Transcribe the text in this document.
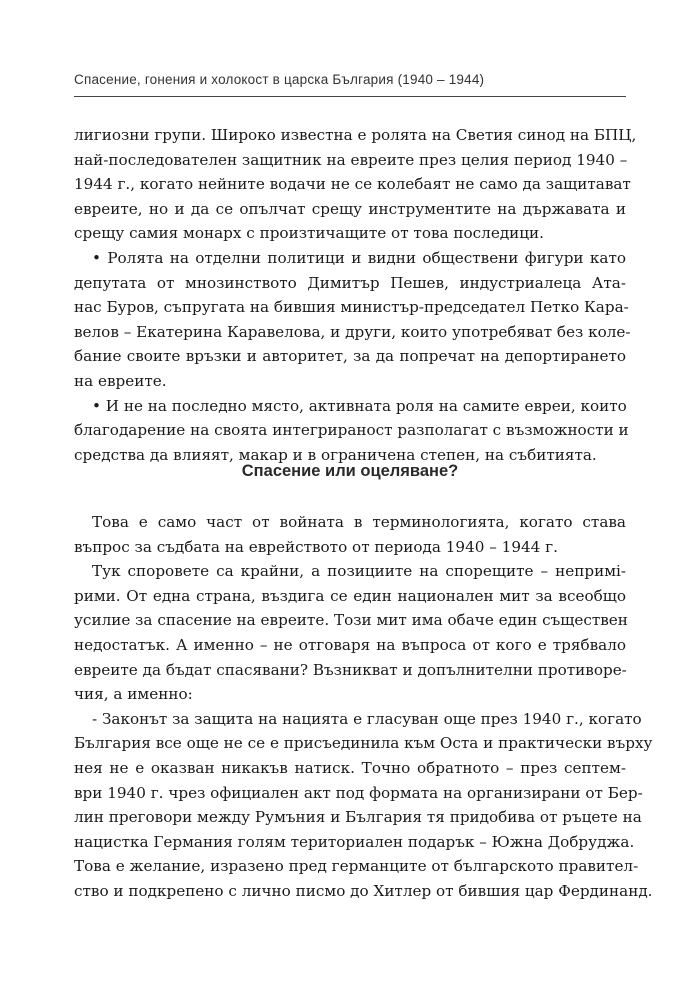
Спасение, гонения и холокост в царска България (1940 – 1944)
лигиозни групи. Широко известна е ролята на Светия синод на БПЦ,
най-последователен защитник на евреите през целия период 1940 –
1944 г., когато нейните водачи не се колебаят не само да защитават
евреите, но и да се опълчат срещу инструментите на държавата и
срещу самия монарх с произтичащите от това последици.
• Ролята на отделни политици и видни обществени фигури като
депутата от мнозинството Димитър Пешев, индустриалеца Ата-
нас Буров, съпругата на бившия министър-председател Петко Кара-
велов – Екатерина Каравелова, и други, които употребяват без коле-
бание своите връзки и авторитет, за да попречат на депортирането
на евреите.
• И не на последно място, активната роля на самите евреи, които
благодарение на своята интегрираност разполагат с възможности и
средства да влияят, макар и в ограничена степен, на събитията.
Спасение или оцеляване?
Това е само част от войната в терминологията, когато става
въпрос за съдбата на еврейството от периода 1940 – 1944 г.
Тук споровете са крайни, а позициите на спорещите – непримі-
рими. От една страна, въздига се един национален мит за всеобщо
усилие за спасение на евреите. Този мит има обаче един съществен
недостатък. А именно – не отговаря на въпроса от кого е трябвало
евреите да бъдат спасявани? Възникват и допълнителни противоре-
чия, а именно:
- Законът за защита на нацията е гласуван още през 1940 г., когато
България все още не се е присъединила към Оста и практически върху
нея не е оказван никакъв натиск. Точно обратното – през септем-
ври 1940 г. чрез официален акт под формата на организирани от Бер-
лин преговори между Румъния и България тя придобива от ръцете на
нацистка Германия голям териториален подарък – Южна Добруджа.
Това е желание, изразено пред германците от българското правител-
ство и подкрепено с лично писмо до Хитлер от бившия цар Фердинанд.
